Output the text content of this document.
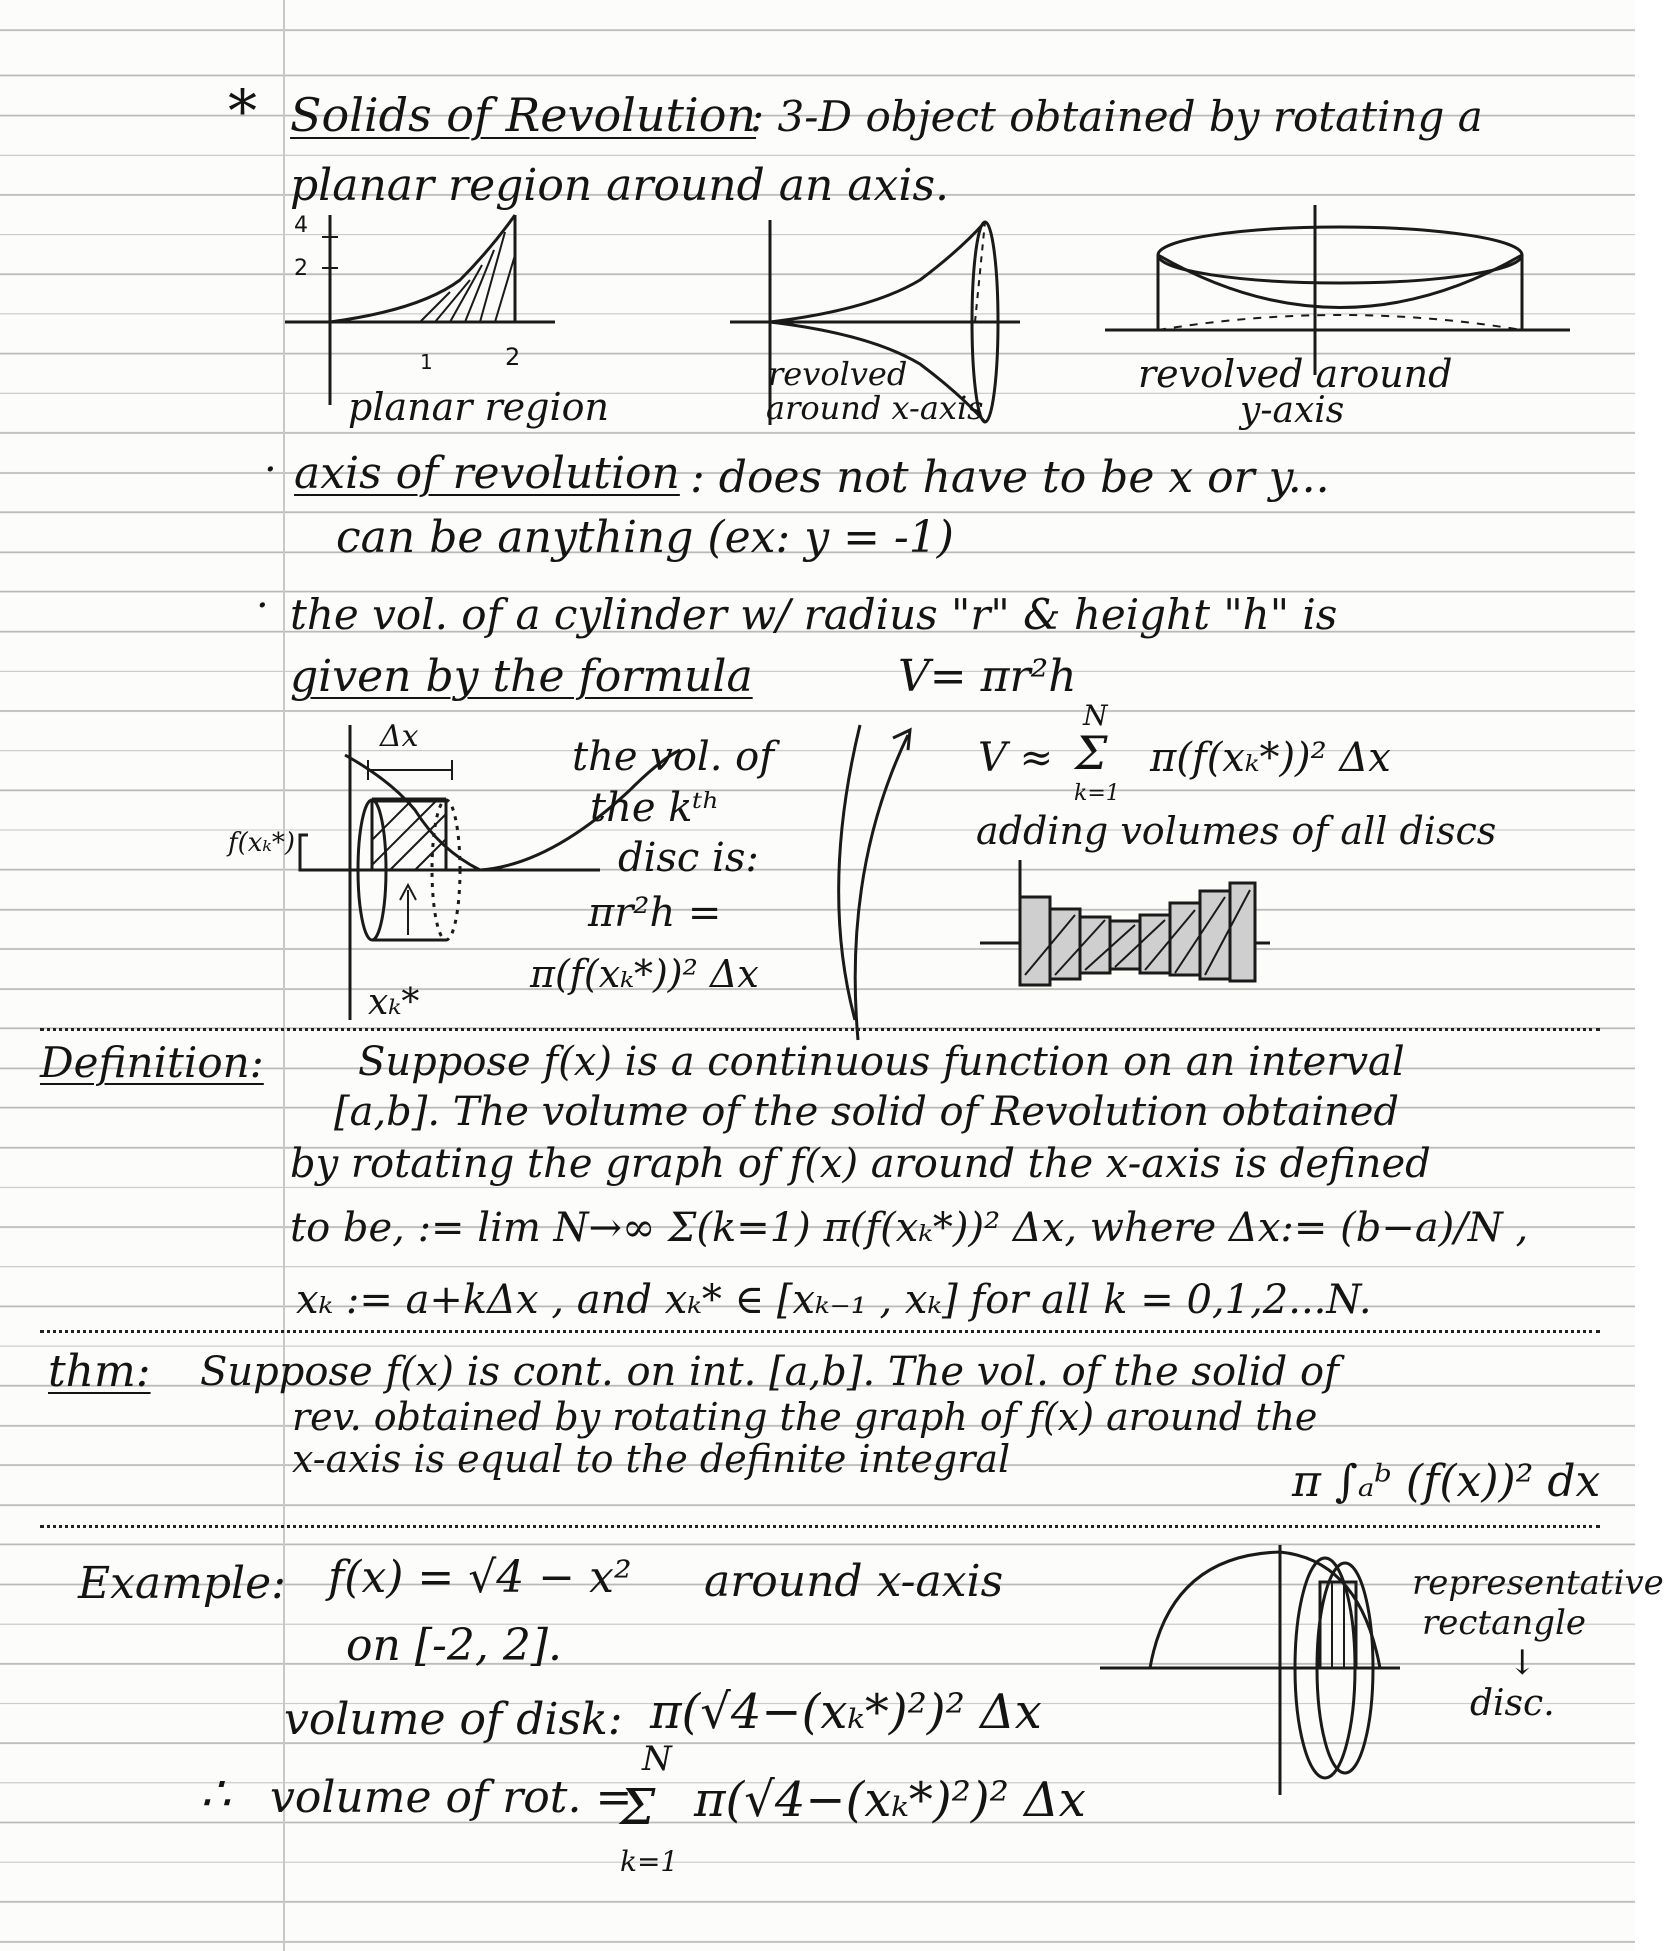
* Solids of Revolution
: 3-D object obtained by rotating a
planar region around an axis.
4
2
1	2
planar region
revolved
around x-axis
revolved around
y-axis
· axis of revolution : does not have to be x or y...
can be anything (ex: y = -1)
· the vol. of a cylinder w/ radius "r" & height "h" is
given by the formula	V= πr²h
Δx
f(xₖ*)
xₖ*
the vol. of
the kᵗʰ
disc is:
πr²h =
π(f(xₖ*))² Δx
V ≈
N
Σ
k=1
π(f(xₖ*))² Δx
adding volumes of all discs
Definition: Suppose f(x) is a continuous function on an interval
[a,b]. The volume of the solid of Revolution obtained
by rotating the graph of f(x) around the x-axis is defined
to be, := lim N→∞ Σ(k=1) π(f(xₖ*))² Δx, where Δx:= (b−a)/N ,
xₖ := a+kΔx , and xₖ* ∈ [xₖ₋₁ , xₖ] for all k = 0,1,2...N.
thm: Suppose f(x) is cont. on int. [a,b]. The vol. of the solid of
rev. obtained by rotating the graph of f(x) around the
x-axis is equal to the definite integral	π ∫ₐᵇ (f(x))² dx
Example: f(x) = √4 − x² around x-axis
on [-2, 2].
volume of disk: π(√4−(xₖ*)²)² Δx
∴ volume of rot. =
N
Σ
k=1
π(√4−(xₖ*)²)² Δx
representative
rectangle
↓
disc.
